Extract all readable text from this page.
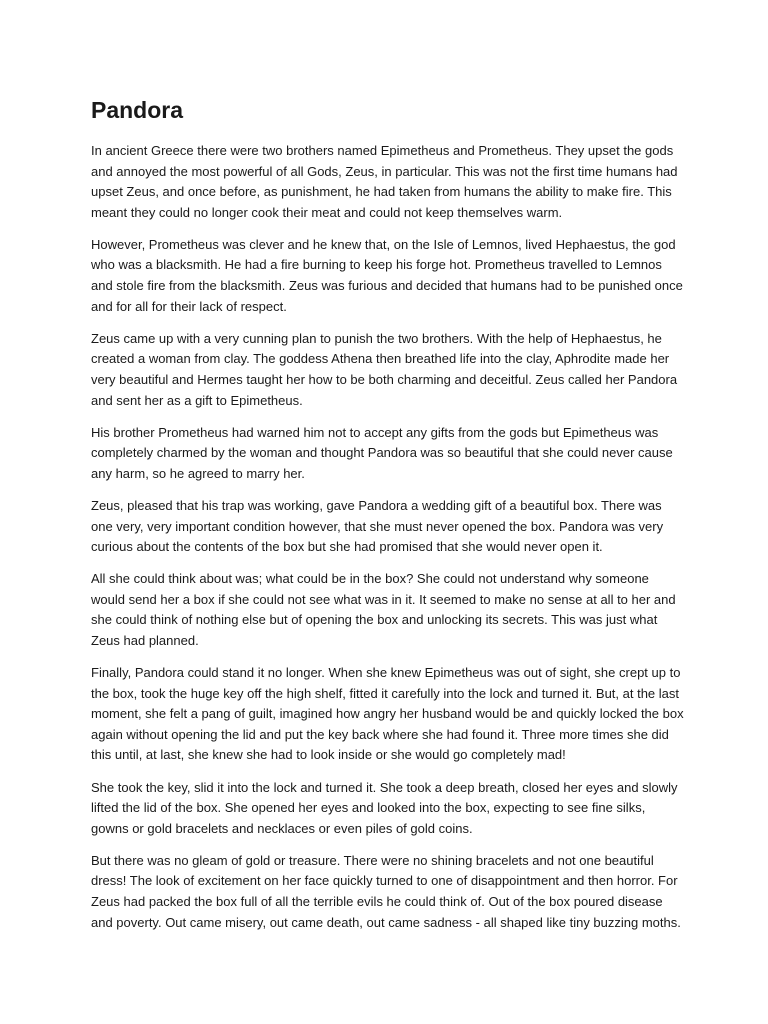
Pandora

In ancient Greece there were two brothers named Epimetheus and Prometheus. They upset the gods and annoyed the most powerful of all Gods, Zeus, in particular. This was not the first time humans had upset Zeus, and once before, as punishment, he had taken from humans the ability to make fire. This meant they could no longer cook their meat and could not keep themselves warm.

However, Prometheus was clever and he knew that, on the Isle of Lemnos, lived Hephaestus, the god who was a blacksmith. He had a fire burning to keep his forge hot. Prometheus travelled to Lemnos and stole fire from the blacksmith. Zeus was furious and decided that humans had to be punished once and for all for their lack of respect.

Zeus came up with a very cunning plan to punish the two brothers. With the help of Hephaestus, he created a woman from clay. The goddess Athena then breathed life into the clay, Aphrodite made her very beautiful and Hermes taught her how to be both charming and deceitful. Zeus called her Pandora and sent her as a gift to Epimetheus.

His brother Prometheus had warned him not to accept any gifts from the gods but Epimetheus was completely charmed by the woman and thought Pandora was so beautiful that she could never cause any harm, so he agreed to marry her.

Zeus, pleased that his trap was working, gave Pandora a wedding gift of a beautiful box. There was one very, very important condition however, that she must never opened the box. Pandora was very curious about the contents of the box but she had promised that she would never open it.

All she could think about was; what could be in the box? She could not understand why someone would send her a box if she could not see what was in it. It seemed to make no sense at all to her and she could think of nothing else but of opening the box and unlocking its secrets. This was just what Zeus had planned.

Finally, Pandora could stand it no longer. When she knew Epimetheus was out of sight, she crept up to the box, took the huge key off the high shelf, fitted it carefully into the lock and turned it. But, at the last moment, she felt a pang of guilt, imagined how angry her husband would be and quickly locked the box again without opening the lid and put the key back where she had found it. Three more times she did this until, at last, she knew she had to look inside or she would go completely mad!

She took the key, slid it into the lock and turned it. She took a deep breath, closed her eyes and slowly lifted the lid of the box. She opened her eyes and looked into the box, expecting to see fine silks, gowns or gold bracelets and necklaces or even piles of gold coins.

But there was no gleam of gold or treasure. There were no shining bracelets and not one beautiful dress! The look of excitement on her face quickly turned to one of disappointment and then horror. For Zeus had packed the box full of all the terrible evils he could think of. Out of the box poured disease and poverty. Out came misery, out came death, out came sadness - all shaped like tiny buzzing moths.
